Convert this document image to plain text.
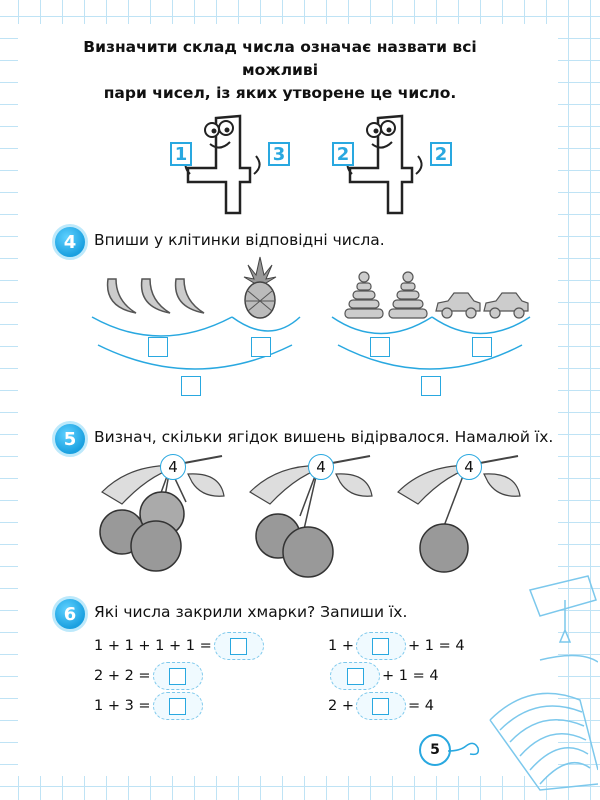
Визначити склад числа означає назвати всі можливі
пари чисел, із яких утворене це число.
1	3	2	2
4	Впиши у клітинки відповідні числа.
5	Визнач, скільки ягідок вишень відірвалося. Намалюй їх.
4	4	4
6	Які числа закрили хмарки? Запиши їх.
1 + 1 + 1 + 1 =
2 + 2 =
1 + 3 =
1 +	+ 1 = 4
+ 1 = 4
2 +	= 4
5
